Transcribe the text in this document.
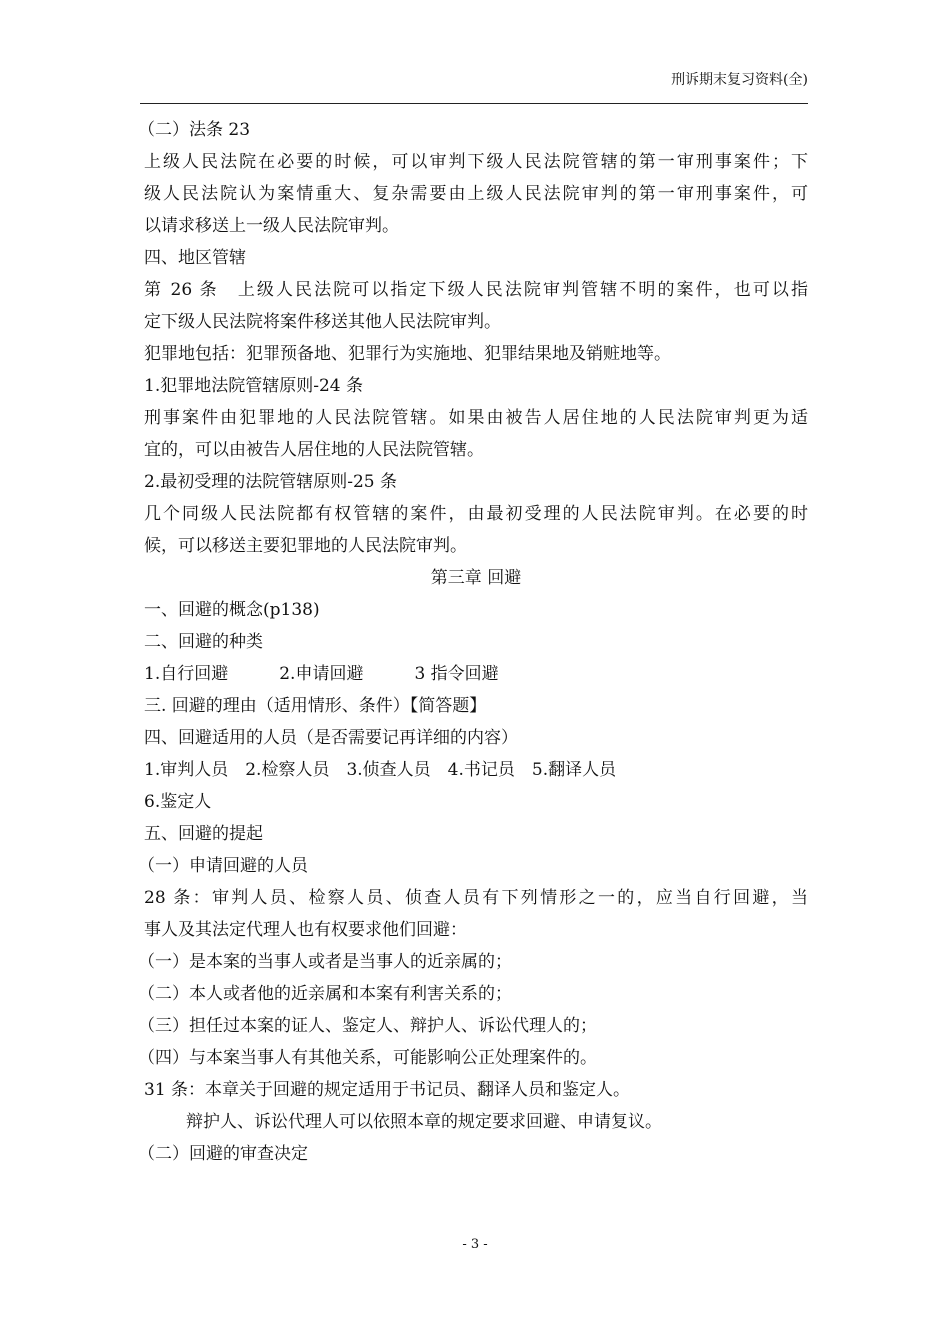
刑诉期末复习资料(全)
（二）法条 23
上级人民法院在必要的时候，可以审判下级人民法院管辖的第一审刑事案件；下
级人民法院认为案情重大、复杂需要由上级人民法院审判的第一审刑事案件，可
以请求移送上一级人民法院审判。
四、地区管辖
第 26 条　上级人民法院可以指定下级人民法院审判管辖不明的案件，也可以指
定下级人民法院将案件移送其他人民法院审判。
犯罪地包括：犯罪预备地、犯罪行为实施地、犯罪结果地及销赃地等。
1.犯罪地法院管辖原则-24 条
刑事案件由犯罪地的人民法院管辖。如果由被告人居住地的人民法院审判更为适
宜的，可以由被告人居住地的人民法院管辖。
2.最初受理的法院管辖原则-25 条
几个同级人民法院都有权管辖的案件，由最初受理的人民法院审判。在必要的时
候，可以移送主要犯罪地的人民法院审判。
第三章 回避
一、回避的概念(p138)
二、回避的种类
1.自行回避　　　2.申请回避　　　3 指令回避
三. 回避的理由（适用情形、条件）【简答题】
四、回避适用的人员（是否需要记再详细的内容）
1.审判人员　2.检察人员　3.侦查人员　4.书记员　5.翻译人员
6.鉴定人
五、回避的提起
（一）申请回避的人员
28 条：审判人员、检察人员、侦查人员有下列情形之一的，应当自行回避，当
事人及其法定代理人也有权要求他们回避：
（一）是本案的当事人或者是当事人的近亲属的；
（二）本人或者他的近亲属和本案有利害关系的；
（三）担任过本案的证人、鉴定人、辩护人、诉讼代理人的；
（四）与本案当事人有其他关系，可能影响公正处理案件的。
31 条：本章关于回避的规定适用于书记员、翻译人员和鉴定人。
辩护人、诉讼代理人可以依照本章的规定要求回避、申请复议。
（二）回避的审查决定
- 3 -
